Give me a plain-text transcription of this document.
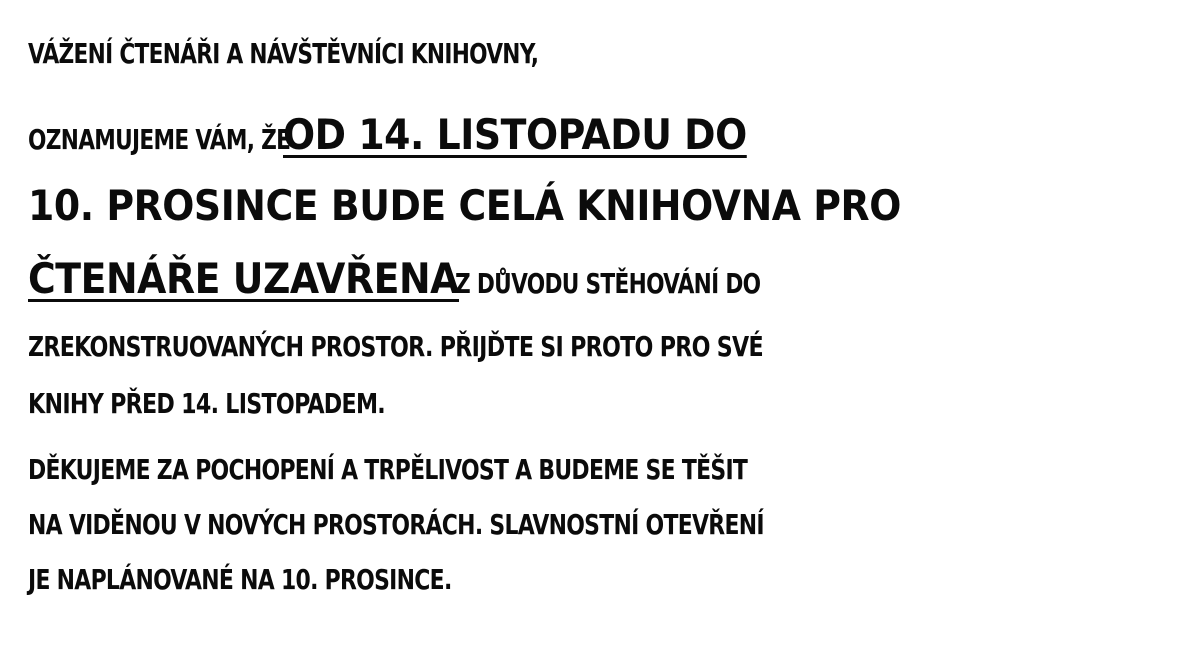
VÁŽENÍ ČTENÁŘI A NÁVŠTĚVNÍCI KNIHOVNY,
OZNAMUJEME VÁM, ŽEOD 14. LISTOPADU DO
10. PROSINCE BUDE CELÁ KNIHOVNA PRO
ČTENÁŘE UZAVŘENAZ DŮVODU STĚHOVÁNÍ DO
ZREKONSTRUOVANÝCH PROSTOR. PŘIJĎTE SI PROTO PRO SVÉ
KNIHY PŘED 14. LISTOPADEM.
DĚKUJEME ZA POCHOPENÍ A TRPĚLIVOST A BUDEME SE TĚŠIT
NA VIDĚNOU V NOVÝCH PROSTORÁCH. SLAVNOSTNÍ OTEVŘENÍ
JE NAPLÁNOVANÉ NA 10. PROSINCE.
